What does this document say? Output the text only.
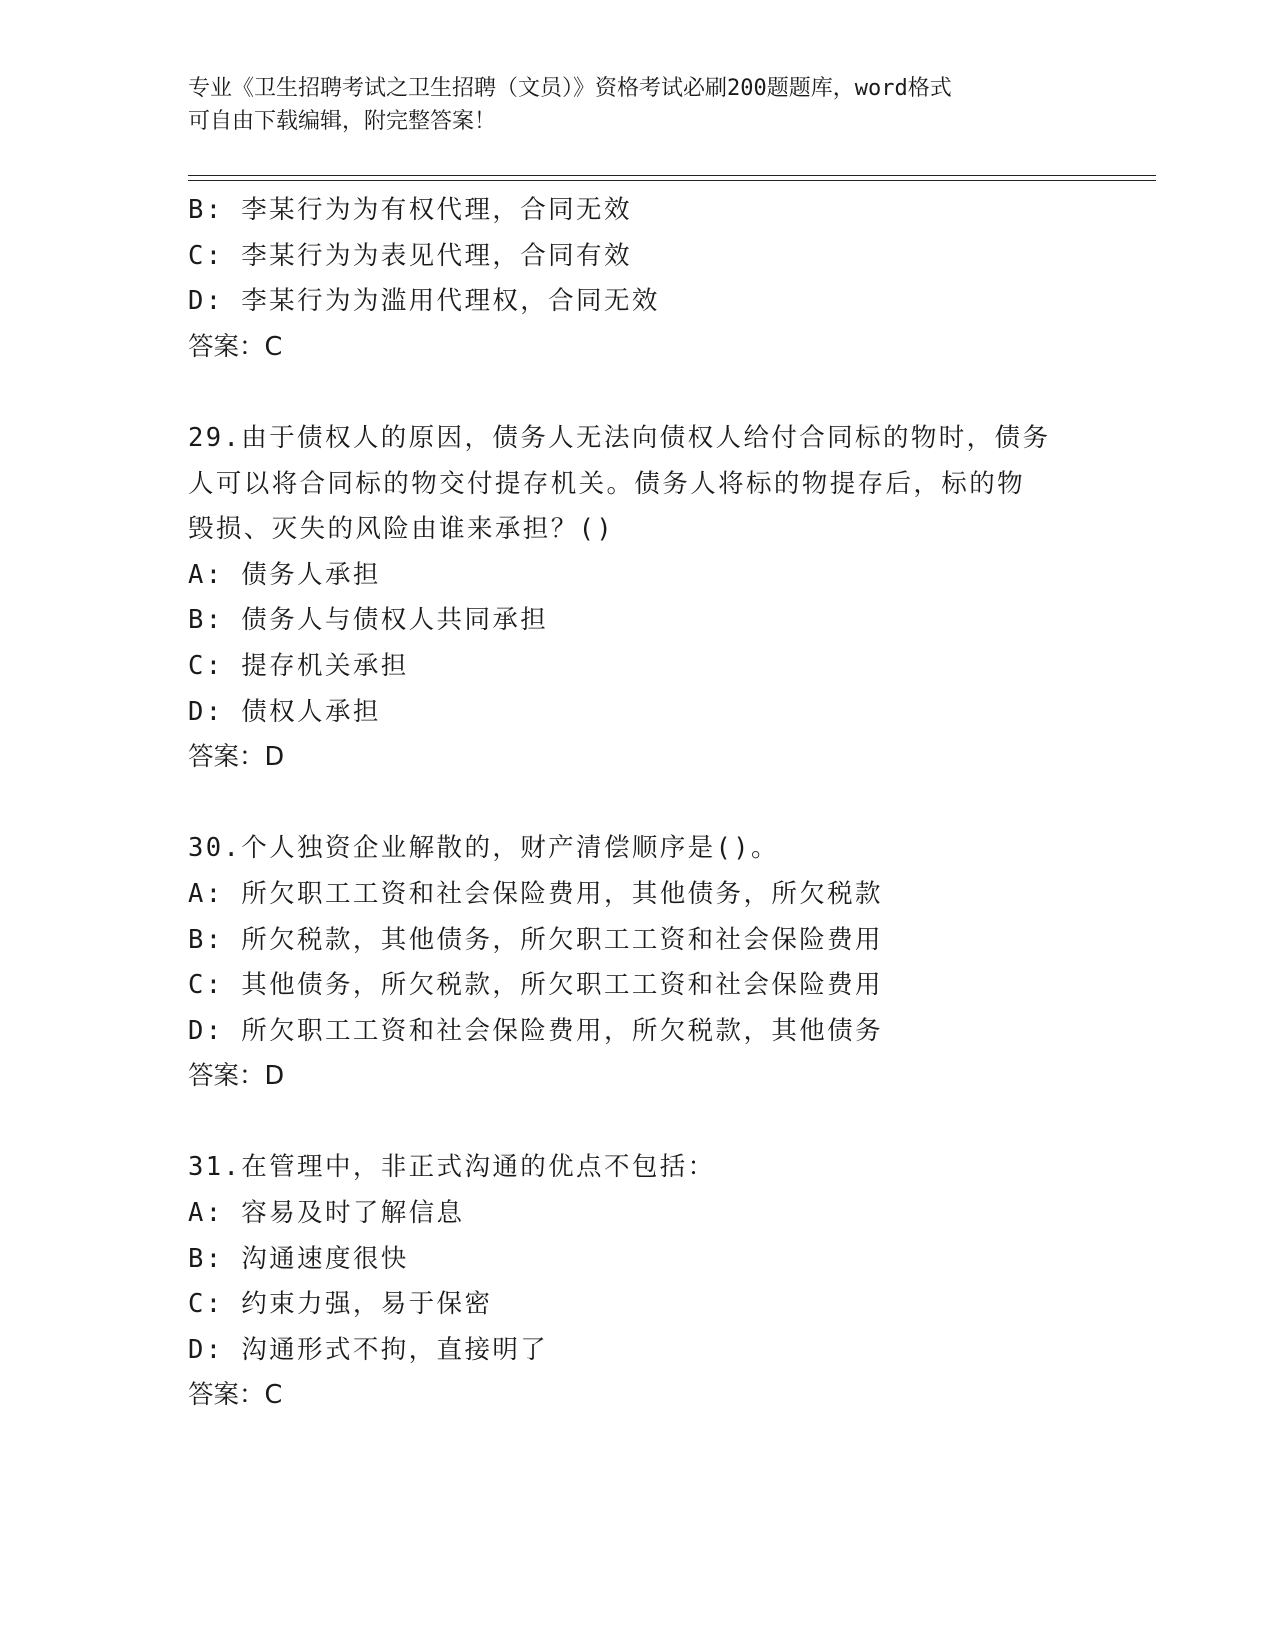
专业《卫生招聘考试之卫生招聘（文员）》资格考试必刷200题题库，word格式
可自由下载编辑，附完整答案！
B: 李某行为为有权代理，合同无效
C: 李某行为为表见代理，合同有效
D: 李某行为为滥用代理权，合同无效
答案：C
29.由于债权人的原因，债务人无法向债权人给付合同标的物时，债务
人可以将合同标的物交付提存机关。债务人将标的物提存后，标的物
毁损、灭失的风险由谁来承担？()
A: 债务人承担
B: 债务人与债权人共同承担
C: 提存机关承担
D: 债权人承担
答案：D
30.个人独资企业解散的，财产清偿顺序是()。
A: 所欠职工工资和社会保险费用，其他债务，所欠税款
B: 所欠税款，其他债务，所欠职工工资和社会保险费用
C: 其他债务，所欠税款，所欠职工工资和社会保险费用
D: 所欠职工工资和社会保险费用，所欠税款，其他债务
答案：D
31.在管理中，非正式沟通的优点不包括：
A: 容易及时了解信息
B: 沟通速度很快
C: 约束力强，易于保密
D: 沟通形式不拘，直接明了
答案：C
